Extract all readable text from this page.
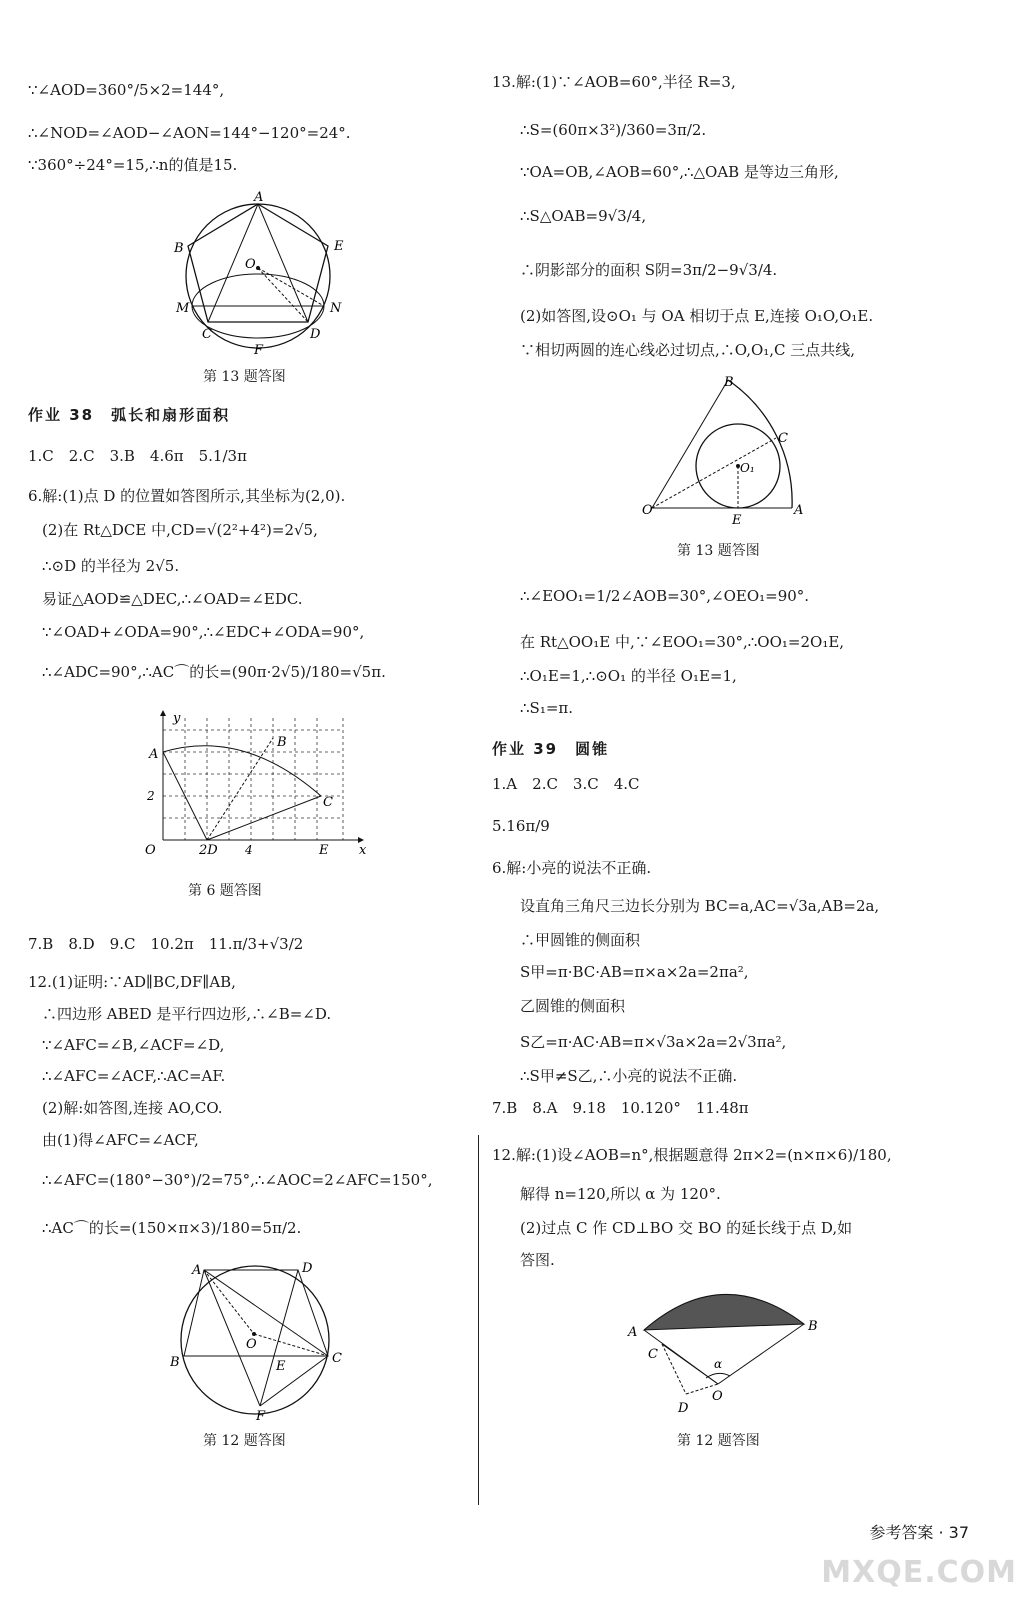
∵∠AOD=360°/5×2=144°,
∴∠NOD=∠AOD−∠AON=144°−120°=24°.
∵360°÷24°=15,∴n的值是15.
A
B	E
O
M	N
C	D
F
第 13 题答图
作业 38　弧长和扇形面积
1.C　2.C　3.B　4.6π　5.1/3π
6.解:(1)点 D 的位置如答图所示,其坐标为(2,0).
(2)在 Rt△DCE 中,CD=√(2²+4²)=2√5,
∴⊙D 的半径为 2√5.
易证△AOD≌△DEC,∴∠OAD=∠EDC.
∵∠OAD+∠ODA=90°,∴∠EDC+∠ODA=90°,
∴∠ADC=90°,∴AC⌒的长=(90π·2√5)/180=√5π.
y
A
B
C
2
O	2D 4	E x
第 6 题答图
7.B　8.D　9.C　10.2π　11.π/3+√3/2
12.(1)证明:∵AD∥BC,DF∥AB,
∴四边形 ABED 是平行四边形,∴∠B=∠D.
∵∠AFC=∠B,∠ACF=∠D,
∴∠AFC=∠ACF,∴AC=AF.
(2)解:如答图,连接 AO,CO.
由(1)得∠AFC=∠ACF,
∴∠AFC=(180°−30°)/2=75°,∴∠AOC=2∠AFC=150°,
∴AC⌒的长=(150×π×3)/180=5π/2.
A	D
O
B	C
E
F
第 12 题答图
13.解:(1)∵∠AOB=60°,半径 R=3,
∴S=(60π×3²)/360=3π/2.
∵OA=OB,∠AOB=60°,∴△OAB 是等边三角形,
∴S△OAB=9√3/4,
∴阴影部分的面积 S阴=3π/2−9√3/4.
(2)如答图,设⊙O₁ 与 OA 相切于点 E,连接 O₁O,O₁E.
∵相切两圆的连心线必过切点,∴O,O₁,C 三点共线,
B
C
O₁
O
E
A
第 13 题答图
∴∠EOO₁=1/2∠AOB=30°,∠OEO₁=90°.
在 Rt△OO₁E 中,∵∠EOO₁=30°,∴OO₁=2O₁E,
∴O₁E=1,∴⊙O₁ 的半径 O₁E=1,
∴S₁=π.
作业 39　圆锥
1.A　2.C　3.C　4.C
5.16π/9
6.解:小亮的说法不正确.
设直角三角尺三边长分别为 BC=a,AC=√3a,AB=2a,
∴甲圆锥的侧面积
S甲=π·BC·AB=π×a×2a=2πa²,
乙圆锥的侧面积
S乙=π·AC·AB=π×√3a×2a=2√3πa²,
∴S甲≠S乙,∴小亮的说法不正确.
7.B　8.A　9.18　10.120°　11.48π
12.解:(1)设∠AOB=n°,根据题意得 2π×2=(n×π×6)/180,
解得 n=120,所以 α 为 120°.
(2)过点 C 作 CD⊥BO 交 BO 的延长线于点 D,如
答图.
A	B
C
α
O
D
第 12 题答图
参考答案 · 37
MXQE.COM
